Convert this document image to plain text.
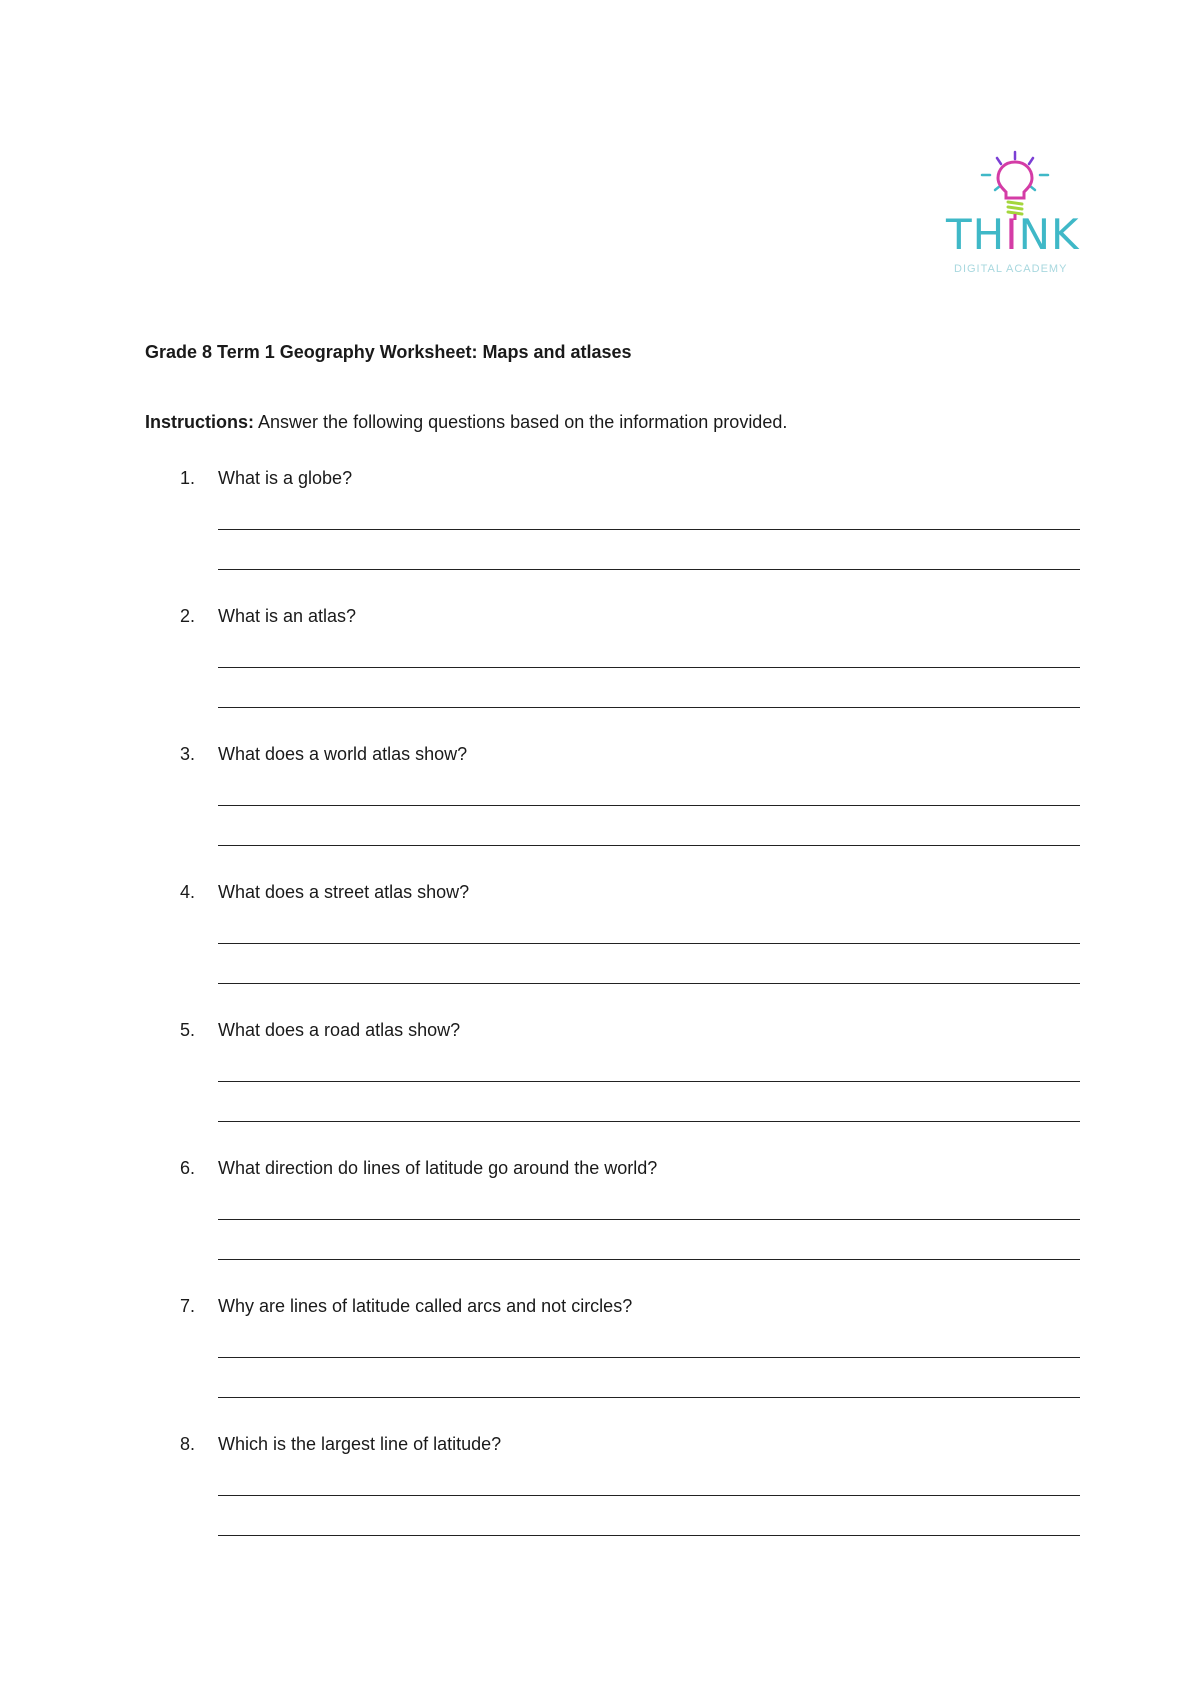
THINK
DIGITAL ACADEMY
Grade 8 Term 1 Geography Worksheet: Maps and atlases
Instructions: Answer the following questions based on the information provided.
1.	What is a globe?
2.	What is an atlas?
3.	What does a world atlas show?
4.	What does a street atlas show?
5.	What does a road atlas show?
6.	What direction do lines of latitude go around the world?
7.	Why are lines of latitude called arcs and not circles?
8.	Which is the largest line of latitude?
